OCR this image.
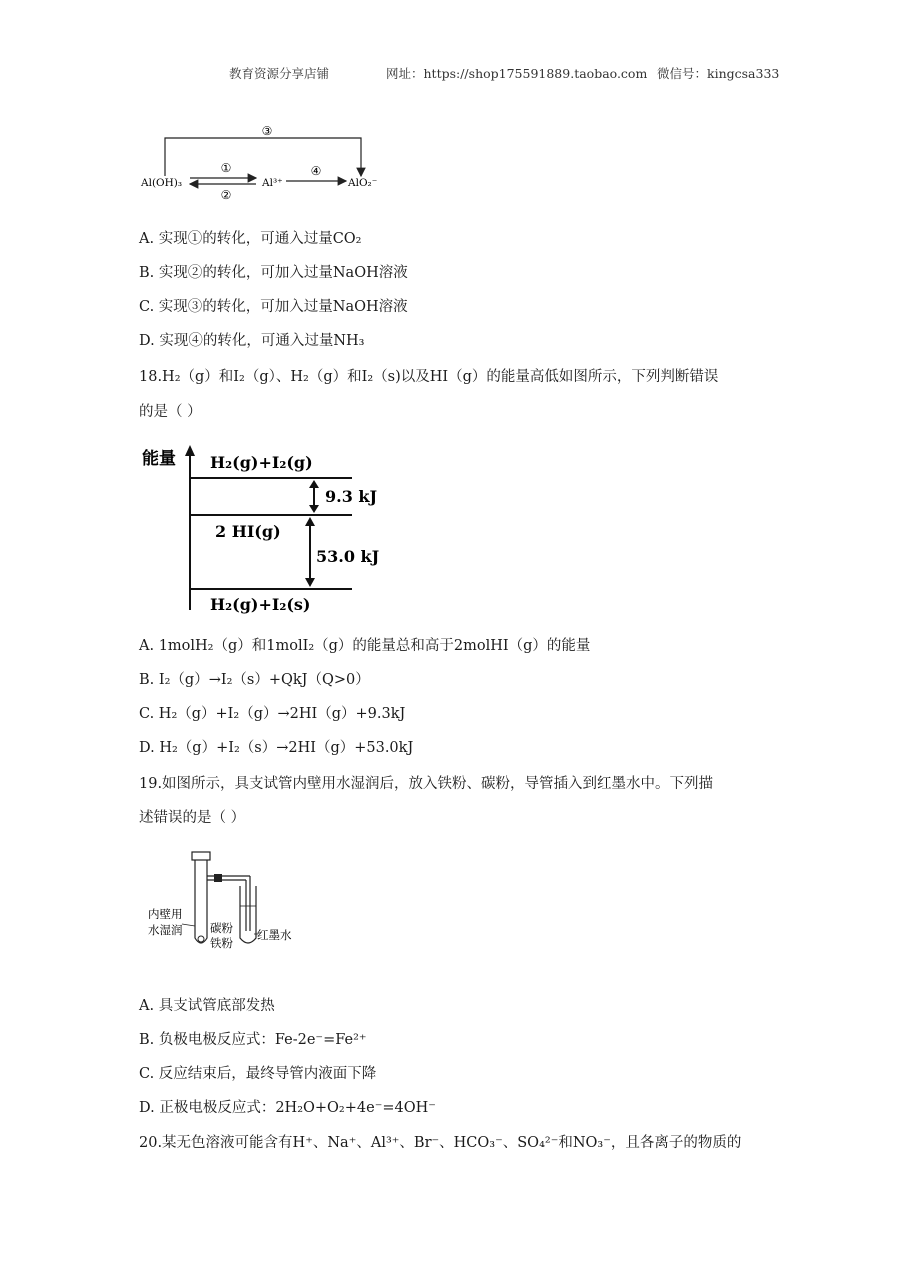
教育资源分享店铺	网址：https://shop175591889.taobao.com 微信号：kingcsa333
③
①
②
④
Al(OH)₃	Al³⁺	AlO₂⁻
A. 实现①的转化，可通入过量CO₂
B. 实现②的转化，可加入过量NaOH溶液
C. 实现③的转化，可加入过量NaOH溶液
D. 实现④的转化，可通入过量NH₃
18.H₂（g）和I₂（g）、H₂（g）和I₂（s)以及HI（g）的能量高低如图所示，下列判断错误
的是（ ）
能量 H₂(g)+I₂(g)
2 HI(g)
H₂(g)+I₂(s)
9.3 kJ
53.0 kJ
A. 1molH₂（g）和1molI₂（g）的能量总和高于2molHI（g）的能量
B. I₂（g）→I₂（s）+QkJ（Q>0）
C. H₂（g）+I₂（g）→2HI（g）+9.3kJ
D. H₂（g）+I₂（s）→2HI（g）+53.0kJ
19.如图所示，具支试管内壁用水湿润后，放入铁粉、碳粉，导管插入到红墨水中。下列描
述错误的是（ ）
内壁用
水湿润 碳粉
铁粉
红墨水
A. 具支试管底部发热
B. 负极电极反应式：Fe-2e⁻=Fe²⁺
C. 反应结束后，最终导管内液面下降
D. 正极电极反应式：2H₂O+O₂+4e⁻=4OH⁻
20.某无色溶液可能含有H⁺、Na⁺、Al³⁺、Br⁻、HCO₃⁻、SO₄²⁻和NO₃⁻，且各离子的物质的
